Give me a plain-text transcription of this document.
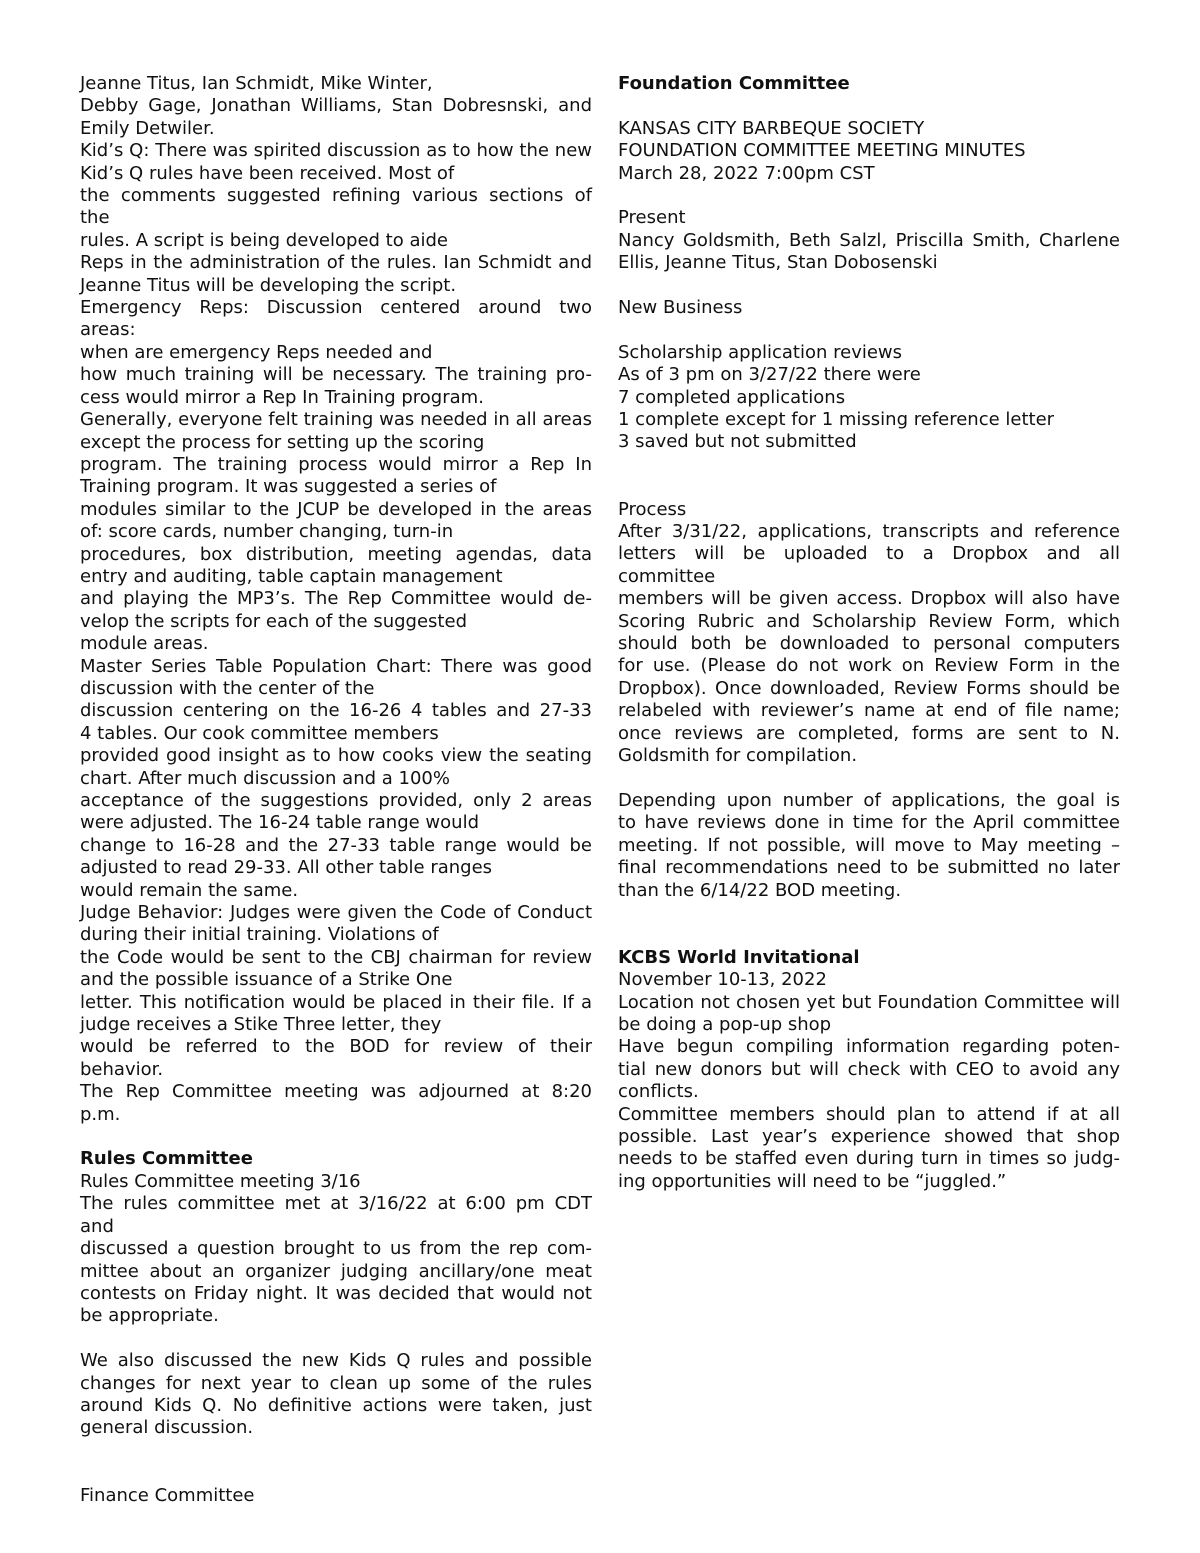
Jeanne Titus, Ian Schmidt, Mike Winter,
Debby Gage, Jonathan Williams, Stan Dobresnski, and
Emily Detwiler.
Kid’s Q: There was spirited discussion as to how the new
Kid’s Q rules have been received. Most of
the comments suggested refining various sections of the
rules. A script is being developed to aide
Reps in the administration of the rules. Ian Schmidt and
Jeanne Titus will be developing the script.
Emergency Reps: Discussion centered around two areas:
when are emergency Reps needed and
how much training will be necessary. The training pro-
cess would mirror a Rep In Training program.
Generally, everyone felt training was needed in all areas
except the process for setting up the scoring
program. The training process would mirror a Rep In
Training program. It was suggested a series of
modules similar to the JCUP be developed in the areas
of: score cards, number changing, turn-in
procedures, box distribution, meeting agendas, data
entry and auditing, table captain management
and playing the MP3’s. The Rep Committee would de-
velop the scripts for each of the suggested
module areas.
Master Series Table Population Chart: There was good
discussion with the center of the
discussion centering on the 16-26 4 tables and 27-33
4 tables. Our cook committee members
provided good insight as to how cooks view the seating
chart. After much discussion and a 100%
acceptance of the suggestions provided, only 2 areas
were adjusted. The 16-24 table range would
change to 16-28 and the 27-33 table range would be
adjusted to read 29-33. All other table ranges
would remain the same.
Judge Behavior: Judges were given the Code of Conduct
during their initial training. Violations of
the Code would be sent to the CBJ chairman for review
and the possible issuance of a Strike One
letter. This notification would be placed in their file. If a
judge receives a Stike Three letter, they
would be referred to the BOD for review of their behavior.
The Rep Committee meeting was adjourned at 8:20 p.m.
Rules Committee
Rules Committee meeting 3/16
The rules committee met at 3/16/22 at 6:00 pm CDT and
discussed a question brought to us from the rep com-
mittee about an organizer judging ancillary/one meat
contests on Friday night. It was decided that would not
be appropriate.
We also discussed the new Kids Q rules and possible
changes for next year to clean up some of the rules
around Kids Q. No definitive actions were taken, just
general discussion.
Finance Committee
Foundation Committee
KANSAS CITY BARBEQUE SOCIETY
FOUNDATION COMMITTEE MEETING MINUTES
March 28, 2022 7:00pm CST
Present
Nancy Goldsmith, Beth Salzl, Priscilla Smith, Charlene
Ellis, Jeanne Titus, Stan Dobosenski
New Business
Scholarship application reviews
As of 3 pm on 3/27/22 there were
7 completed applications
1 complete except for 1 missing reference letter
3 saved but not submitted
Process
After 3/31/22, applications, transcripts and reference
letters will be uploaded to a Dropbox and all committee
members will be given access. Dropbox will also have
Scoring Rubric and Scholarship Review Form, which
should both be downloaded to personal computers
for use. (Please do not work on Review Form in the
Dropbox). Once downloaded, Review Forms should be
relabeled with reviewer’s name at end of file name;
once reviews are completed, forms are sent to N.
Goldsmith for compilation.
Depending upon number of applications, the goal is
to have reviews done in time for the April committee
meeting. If not possible, will move to May meeting –
final recommendations need to be submitted no later
than the 6/14/22 BOD meeting.
KCBS World Invitational
November 10-13, 2022
Location not chosen yet but Foundation Committee will
be doing a pop-up shop
Have begun compiling information regarding poten-
tial new donors but will check with CEO to avoid any
conflicts.
Committee members should plan to attend if at all
possible. Last year’s experience showed that shop
needs to be staffed even during turn in times so judg-
ing opportunities will need to be “juggled.”
